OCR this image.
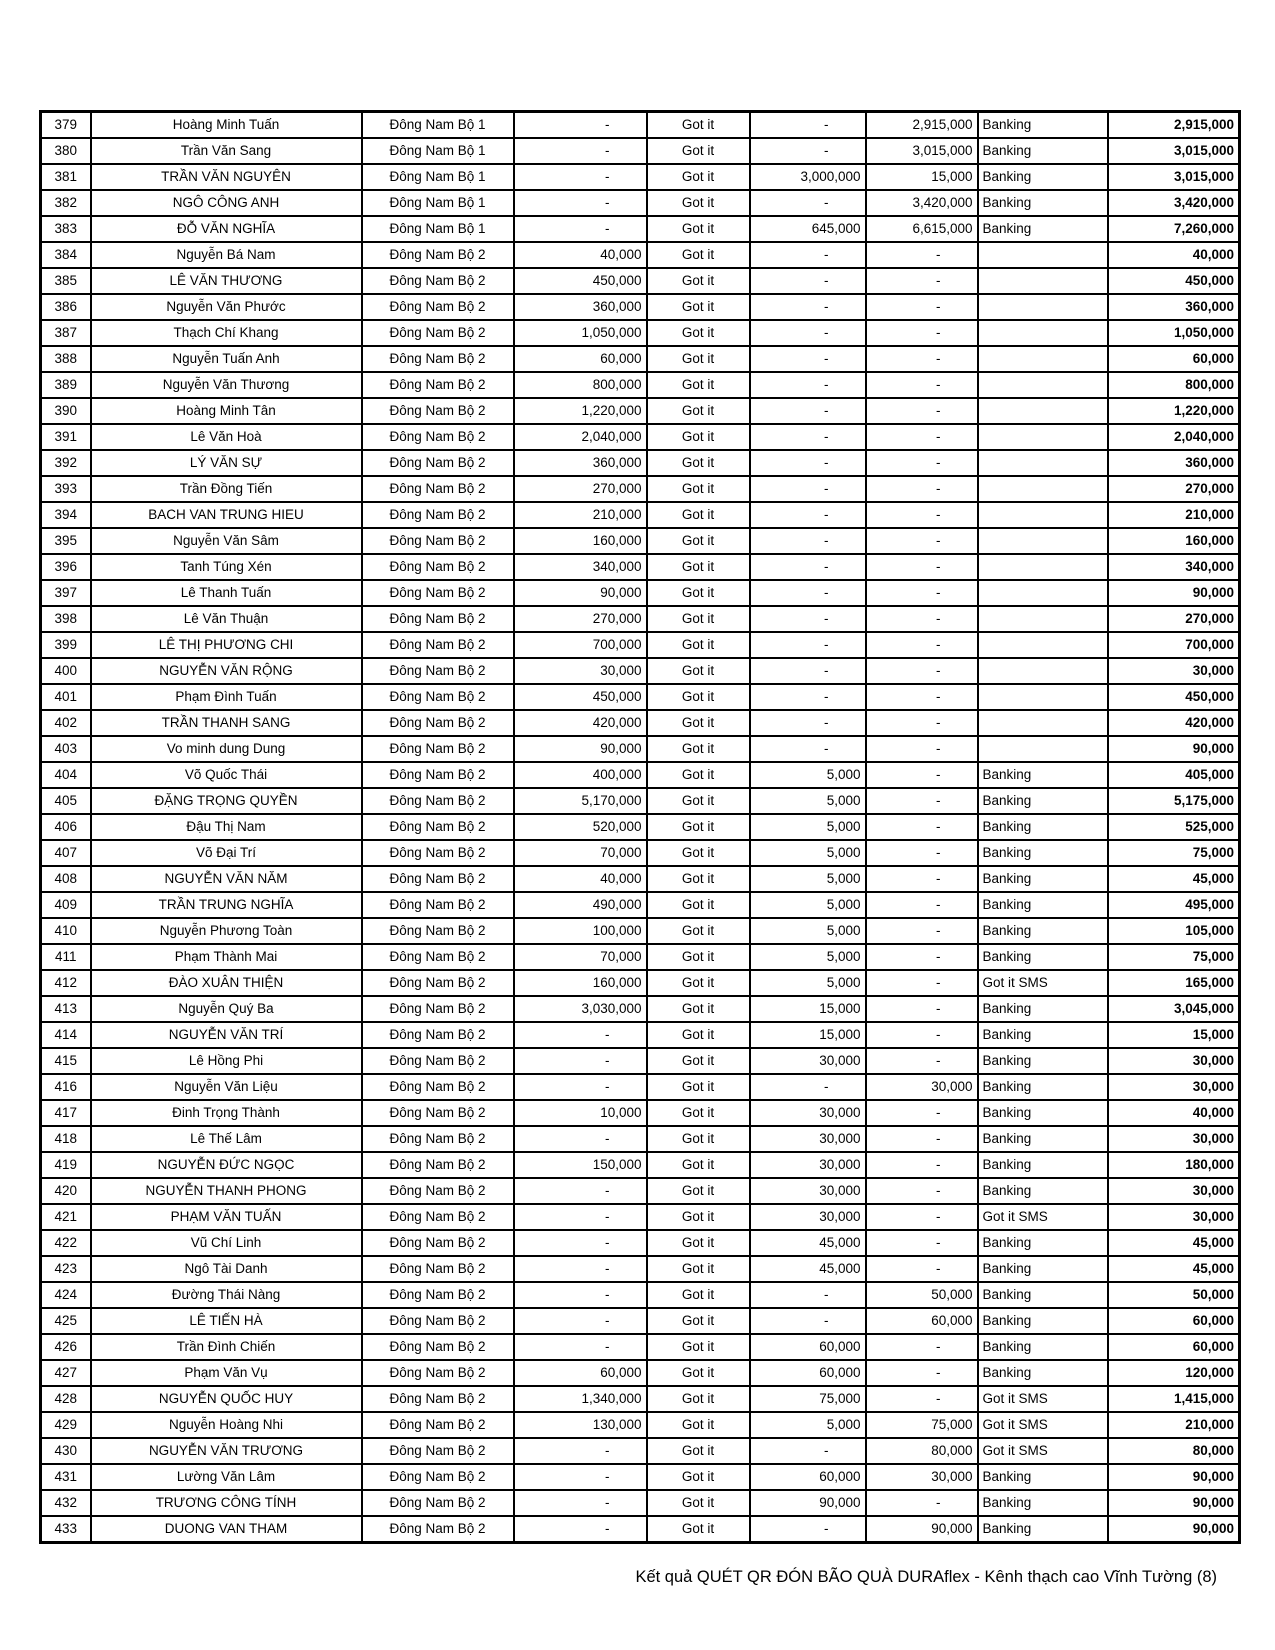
379	Hoàng Minh Tuấn	Đông Nam Bộ 1	-	Got it	-	2,915,000	Banking	2,915,000
380	Trần Văn Sang	Đông Nam Bộ 1	-	Got it	-	3,015,000	Banking	3,015,000
381	TRẦN VĂN NGUYÊN	Đông Nam Bộ 1	-	Got it	3,000,000	15,000	Banking	3,015,000
382	NGÔ CÔNG ANH	Đông Nam Bộ 1	-	Got it	-	3,420,000	Banking	3,420,000
383	ĐỖ VĂN NGHĨA	Đông Nam Bộ 1	-	Got it	645,000	6,615,000	Banking	7,260,000
384	Nguyễn Bá Nam	Đông Nam Bộ 2	40,000	Got it	-	-		40,000
385	LÊ VĂN THƯƠNG	Đông Nam Bộ 2	450,000	Got it	-	-		450,000
386	Nguyễn Văn Phước	Đông Nam Bộ 2	360,000	Got it	-	-		360,000
387	Thạch Chí Khang	Đông Nam Bộ 2	1,050,000	Got it	-	-		1,050,000
388	Nguyễn Tuấn Anh	Đông Nam Bộ 2	60,000	Got it	-	-		60,000
389	Nguyễn Văn Thương	Đông Nam Bộ 2	800,000	Got it	-	-		800,000
390	Hoàng Minh Tân	Đông Nam Bộ 2	1,220,000	Got it	-	-		1,220,000
391	Lê Văn Hoà	Đông Nam Bộ 2	2,040,000	Got it	-	-		2,040,000
392	LÝ VĂN SỰ	Đông Nam Bộ 2	360,000	Got it	-	-		360,000
393	Trần Đồng Tiến	Đông Nam Bộ 2	270,000	Got it	-	-		270,000
394	BACH VAN TRUNG HIEU	Đông Nam Bộ 2	210,000	Got it	-	-		210,000
395	Nguyễn Văn Sâm	Đông Nam Bộ 2	160,000	Got it	-	-		160,000
396	Tanh Túng Xén	Đông Nam Bộ 2	340,000	Got it	-	-		340,000
397	Lê Thanh Tuấn	Đông Nam Bộ 2	90,000	Got it	-	-		90,000
398	Lê Văn Thuận	Đông Nam Bộ 2	270,000	Got it	-	-		270,000
399	LÊ THỊ PHƯƠNG CHI	Đông Nam Bộ 2	700,000	Got it	-	-		700,000
400	NGUYỄN VĂN RỘNG	Đông Nam Bộ 2	30,000	Got it	-	-		30,000
401	Phạm Đình Tuấn	Đông Nam Bộ 2	450,000	Got it	-	-		450,000
402	TRẦN THANH SANG	Đông Nam Bộ 2	420,000	Got it	-	-		420,000
403	Vo minh dung Dung	Đông Nam Bộ 2	90,000	Got it	-	-		90,000
404	Võ Quốc Thái	Đông Nam Bộ 2	400,000	Got it	5,000	-	Banking	405,000
405	ĐẶNG TRỌNG QUYỀN	Đông Nam Bộ 2	5,170,000	Got it	5,000	-	Banking	5,175,000
406	Đậu Thị Nam	Đông Nam Bộ 2	520,000	Got it	5,000	-	Banking	525,000
407	Võ Đại Trí	Đông Nam Bộ 2	70,000	Got it	5,000	-	Banking	75,000
408	NGUYỄN VĂN NĂM	Đông Nam Bộ 2	40,000	Got it	5,000	-	Banking	45,000
409	TRẦN TRUNG NGHĨA	Đông Nam Bộ 2	490,000	Got it	5,000	-	Banking	495,000
410	Nguyễn Phương Toàn	Đông Nam Bộ 2	100,000	Got it	5,000	-	Banking	105,000
411	Phạm Thành Mai	Đông Nam Bộ 2	70,000	Got it	5,000	-	Banking	75,000
412	ĐÀO XUÂN THIỆN	Đông Nam Bộ 2	160,000	Got it	5,000	-	Got it SMS	165,000
413	Nguyễn Quý Ba	Đông Nam Bộ 2	3,030,000	Got it	15,000	-	Banking	3,045,000
414	NGUYỄN VĂN TRÍ	Đông Nam Bộ 2	-	Got it	15,000	-	Banking	15,000
415	Lê Hồng Phi	Đông Nam Bộ 2	-	Got it	30,000	-	Banking	30,000
416	Nguyễn Văn Liệu	Đông Nam Bộ 2	-	Got it	-	30,000	Banking	30,000
417	Đinh Trọng Thành	Đông Nam Bộ 2	10,000	Got it	30,000	-	Banking	40,000
418	Lê Thế Lâm	Đông Nam Bộ 2	-	Got it	30,000	-	Banking	30,000
419	NGUYỄN ĐỨC NGỌC	Đông Nam Bộ 2	150,000	Got it	30,000	-	Banking	180,000
420	NGUYỄN THANH PHONG	Đông Nam Bộ 2	-	Got it	30,000	-	Banking	30,000
421	PHẠM VĂN TUẤN	Đông Nam Bộ 2	-	Got it	30,000	-	Got it SMS	30,000
422	Vũ Chí Linh	Đông Nam Bộ 2	-	Got it	45,000	-	Banking	45,000
423	Ngô Tài Danh	Đông Nam Bộ 2	-	Got it	45,000	-	Banking	45,000
424	Đường Thái Nàng	Đông Nam Bộ 2	-	Got it	-	50,000	Banking	50,000
425	LÊ TIẾN HÀ	Đông Nam Bộ 2	-	Got it	-	60,000	Banking	60,000
426	Trần Đình Chiến	Đông Nam Bộ 2	-	Got it	60,000	-	Banking	60,000
427	Phạm Văn Vụ	Đông Nam Bộ 2	60,000	Got it	60,000	-	Banking	120,000
428	NGUYỄN QUỐC HUY	Đông Nam Bộ 2	1,340,000	Got it	75,000	-	Got it SMS	1,415,000
429	Nguyễn Hoàng Nhi	Đông Nam Bộ 2	130,000	Got it	5,000	75,000	Got it SMS	210,000
430	NGUYỄN VĂN TRƯƠNG	Đông Nam Bộ 2	-	Got it	-	80,000	Got it SMS	80,000
431	Lường Văn Lâm	Đông Nam Bộ 2	-	Got it	60,000	30,000	Banking	90,000
432	TRƯƠNG CÔNG TÍNH	Đông Nam Bộ 2	-	Got it	90,000	-	Banking	90,000
433	DUONG VAN THAM	Đông Nam Bộ 2	-	Got it	-	90,000	Banking	90,000
Kết quả QUÉT QR ĐÓN BÃO QUÀ DURAflex - Kênh thạch cao Vĩnh Tường (8)
